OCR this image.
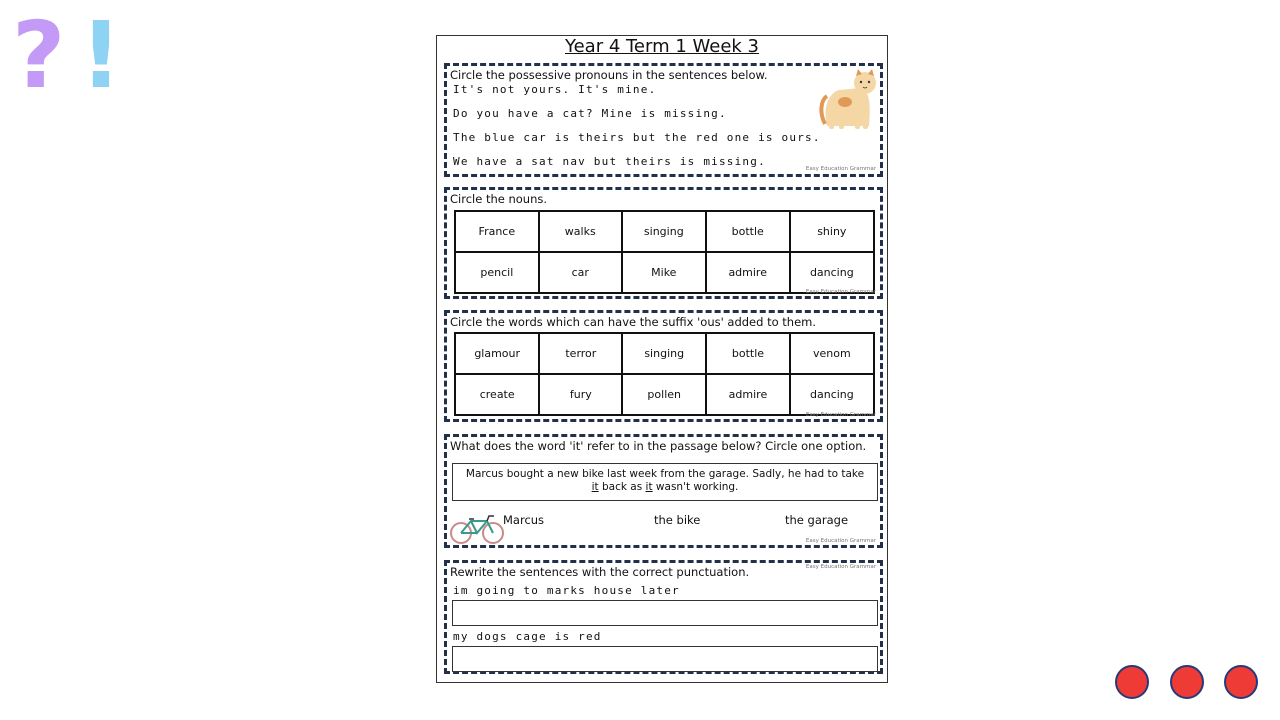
? !	Year 4 Term 1 Week 3
Circle the possessive pronouns in the sentences below.
It's not yours. It's mine.
Do you have a cat? Mine is missing.
The blue car is theirs but the red one is ours.
We have a sat nav but theirs is missing.
Easy Education Grammar
Circle the nouns.
France	walks	singing	bottle	shiny
pencil	car	Mike	admire	dancing
Easy Education Grammar
Circle the words which can have the suffix 'ous' added to them.
glamour	terror	singing	bottle	venom
create	fury	pollen	admire	dancing
Easy Education Grammar
What does the word 'it' refer to in the passage below? Circle one option.
Marcus bought a new bike last week from the garage. Sadly, he had to take it back as it wasn't working.
Marcus	the bike	the garage
Easy Education Grammar
Rewrite the sentences with the correct punctuation.	Easy Education Grammar
im going to marks house later
my dogs cage is red
